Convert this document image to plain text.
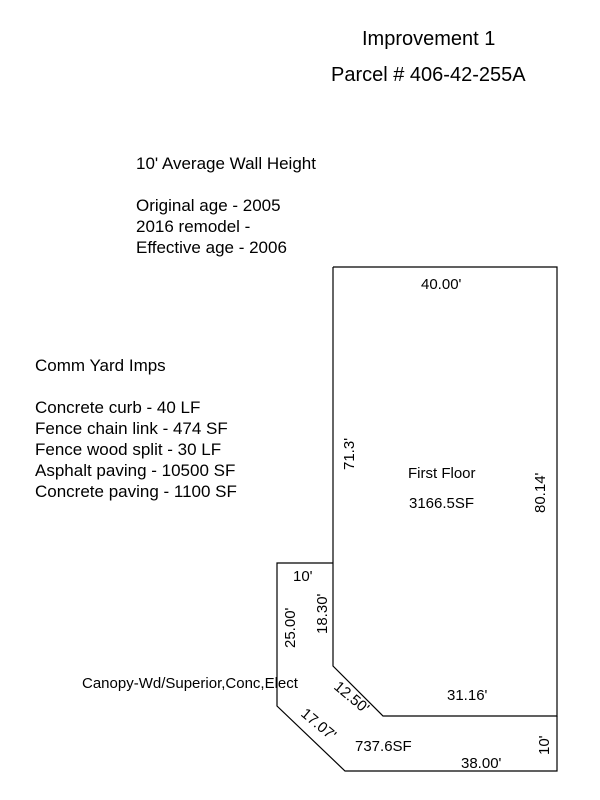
Improvement 1
Parcel # 406-42-255A
10' Average Wall Height
Original age - 2005
2016 remodel -
Effective age - 2006
Comm Yard Imps
Concrete curb - 40 LF
Fence chain link - 474 SF
Fence wood split - 30 LF
Asphalt paving - 10500 SF
Concrete paving - 1100 SF
40.00'
71.3'
80.14'
First Floor
3166.5SF
10'
18.30'
12.50'	31.16'
25.00'
Canopy-Wd/Superior,Conc,Elect
17.07'
737.6SF
38.00'
10'
